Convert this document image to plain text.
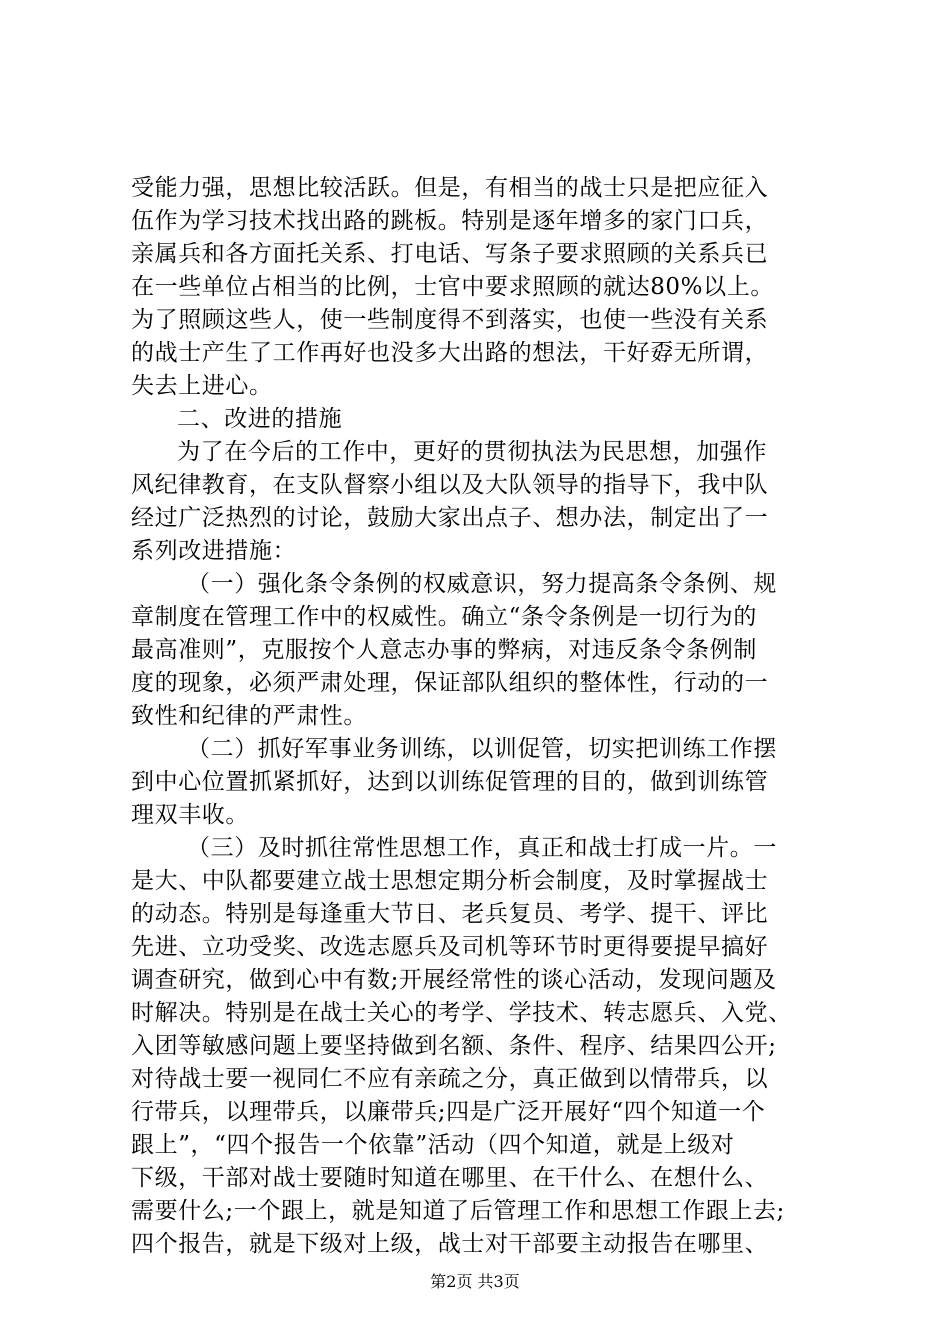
受能力强，思想比较活跃。但是，有相当的战士只是把应征入
伍作为学习技术找出路的跳板。特别是逐年增多的家门口兵，
亲属兵和各方面托关系、打电话、写条子要求照顾的关系兵已
在一些单位占相当的比例，士官中要求照顾的就达80%以上。
为了照顾这些人，使一些制度得不到落实，也使一些没有关系
的战士产生了工作再好也没多大出路的想法，干好孬无所谓，
失去上进心。
二、改进的措施
为了在今后的工作中，更好的贯彻执法为民思想，加强作
风纪律教育，在支队督察小组以及大队领导的指导下，我中队
经过广泛热烈的讨论，鼓励大家出点子、想办法，制定出了一
系列改进措施：
（一）强化条令条例的权威意识，努力提高条令条例、规
章制度在管理工作中的权威性。确立“条令条例是一切行为的
最高准则”，克服按个人意志办事的弊病，对违反条令条例制
度的现象，必须严肃处理，保证部队组织的整体性，行动的一
致性和纪律的严肃性。
（二）抓好军事业务训练，以训促管，切实把训练工作摆
到中心位置抓紧抓好，达到以训练促管理的目的，做到训练管
理双丰收。
（三）及时抓往常性思想工作，真正和战士打成一片。一
是大、中队都要建立战士思想定期分析会制度，及时掌握战士
的动态。特别是每逢重大节日、老兵复员、考学、提干、评比
先进、立功受奖、改选志愿兵及司机等环节时更得要提早搞好
调查研究，做到心中有数;开展经常性的谈心活动，发现问题及
时解决。特别是在战士关心的考学、学技术、转志愿兵、入党、
入团等敏感问题上要坚持做到名额、条件、程序、结果四公开;
对待战士要一视同仁不应有亲疏之分，真正做到以情带兵，以
行带兵，以理带兵，以廉带兵;四是广泛开展好“四个知道一个
跟上”，“四个报告一个依靠”活动（四个知道，就是上级对
下级，干部对战士要随时知道在哪里、在干什么、在想什么、
需要什么;一个跟上，就是知道了后管理工作和思想工作跟上去;
四个报告，就是下级对上级，战士对干部要主动报告在哪里、
第2页 共3页
